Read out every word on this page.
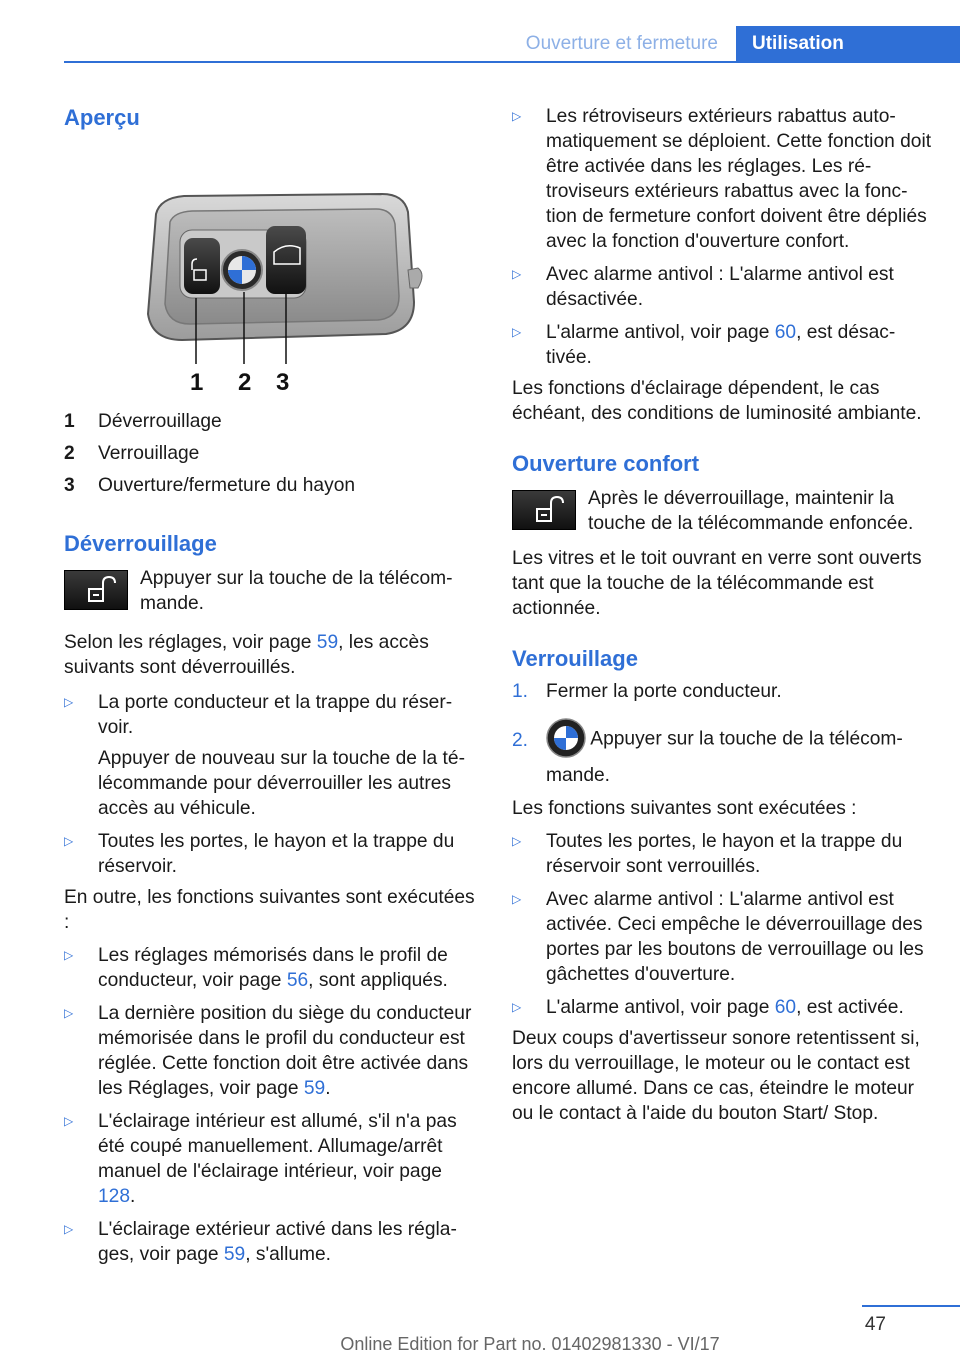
Ouverture et fermeture	Utilisation
Aperçu
1 2 3
1	Déverrouillage
2	Verrouillage
3	Ouverture/fermeture du hayon
Déverrouillage

Appuyer sur la touche de la télécommande.

Selon les réglages, voir page 59, les accès suivants sont déverrouillés.

▷	La porte conducteur et la trappe du réservoir.

Appuyer de nouveau sur la touche de la télécommande pour déverrouiller les autres accès au véhicule.

▷	Toutes les portes, le hayon et la trappe du réservoir.

En outre, les fonctions suivantes sont exécutées :

▷	Les réglages mémorisés dans le profil de conducteur, voir page 56, sont appliqués.

▷	La dernière position du siège du conducteur mémorisée dans le profil du conducteur est réglée. Cette fonction doit être activée dans les Réglages, voir page 59.

▷	L'éclairage intérieur est allumé, s'il n'a pas été coupé manuellement. Allumage/arrêt manuel de l'éclairage intérieur, voir page 128.

▷	L'éclairage extérieur activé dans les réglages, voir page 59, s'allume.

▷	Les rétroviseurs extérieurs rabattus automatiquement se déploient. Cette fonction doit être activée dans les réglages. Les rétroviseurs extérieurs rabattus avec la fonction de fermeture confort doivent être dépliés avec la fonction d'ouverture confort.

▷	Avec alarme antivol : L'alarme antivol est désactivée.

▷	L'alarme antivol, voir page 60, est désactivée.

Les fonctions d'éclairage dépendent, le cas échéant, des conditions de luminosité ambiante.

Ouverture confort

Après le déverrouillage, maintenir la touche de la télécommande enfoncée.

Les vitres et le toit ouvrant en verre sont ouverts tant que la touche de la télécommande est actionnée.

Verrouillage
1. Fermer la porte conducteur.

2.	Appuyer sur la touche de la télécommande.

Les fonctions suivantes sont exécutées :

▷	Toutes les portes, le hayon et la trappe du réservoir sont verrouillés.

▷	Avec alarme antivol : L'alarme antivol est activée. Ceci empêche le déverrouillage des portes par les boutons de verrouillage ou les gâchettes d'ouverture.

▷	L'alarme antivol, voir page 60, est activée.

Deux coups d'avertisseur sonore retentissent si, lors du verrouillage, le moteur ou le contact est encore allumé. Dans ce cas, éteindre le moteur ou le contact à l'aide du bouton Start/ Stop.

47
Online Edition for Part no. 01402981330 - VI/17
